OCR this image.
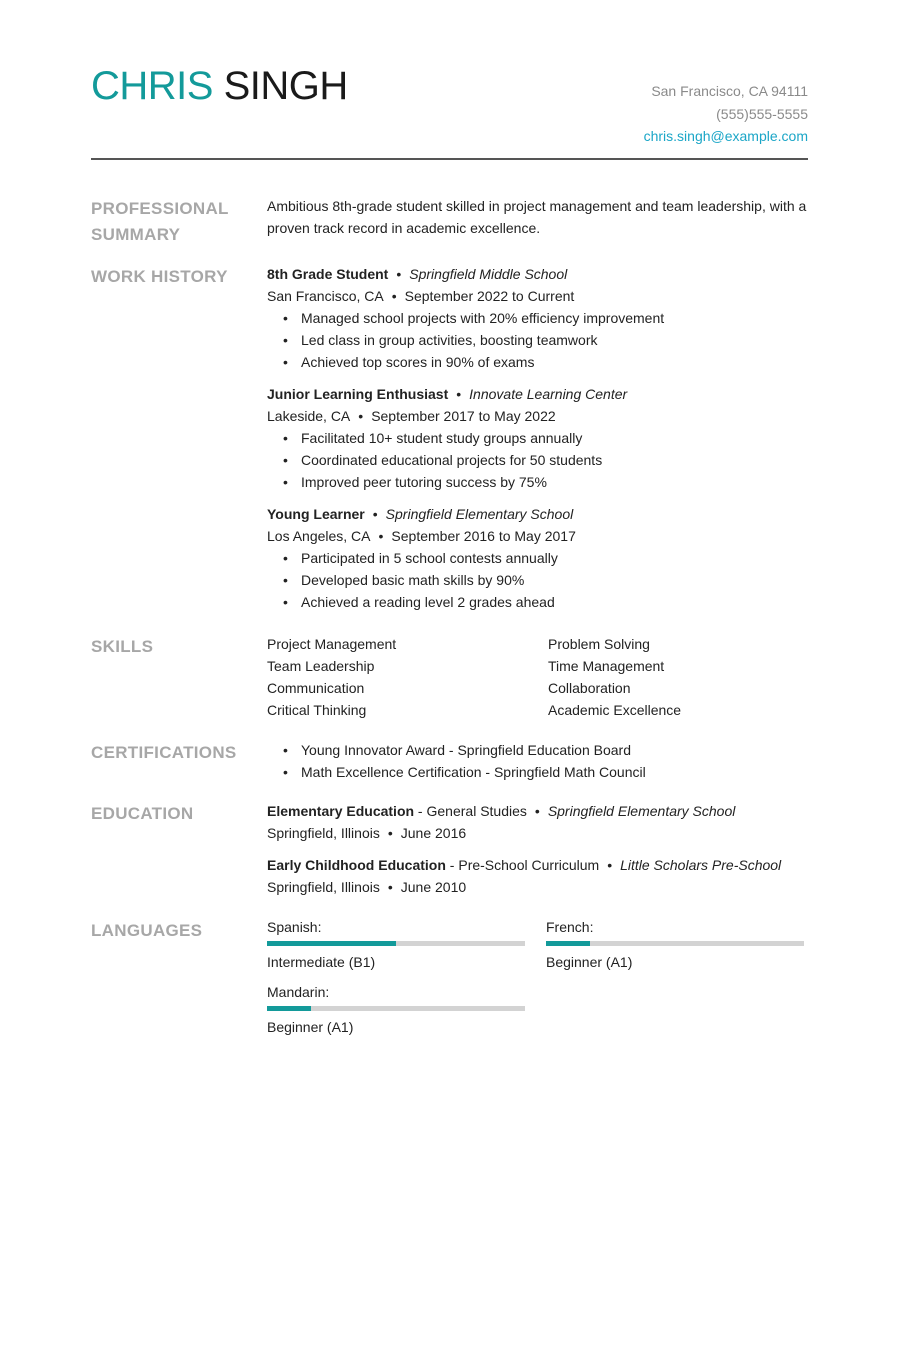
CHRIS SINGH	San Francisco, CA 94111
(555)555-5555
chris.singh@example.com
PROFESSIONAL SUMMARY

Ambitious 8th-grade student skilled in project management and team leadership, with a proven track record in academic excellence.

WORK HISTORY	8th Grade Student • Springfield Middle School
San Francisco, CA • September 2022 to Current
• Managed school projects with 20% efficiency improvement
• Led class in group activities, boosting teamwork
• Achieved top scores in 90% of exams
Junior Learning Enthusiast • Innovate Learning Center
Lakeside, CA • September 2017 to May 2022
• Facilitated 10+ student study groups annually
• Coordinated educational projects for 50 students
• Improved peer tutoring success by 75%
Young Learner • Springfield Elementary School
Los Angeles, CA • September 2016 to May 2017
• Participated in 5 school contests annually
• Developed basic math skills by 90%
• Achieved a reading level 2 grades ahead
SKILLS	Project Management	Problem Solving
Team Leadership	Time Management
Communication	Collaboration
Critical Thinking	Academic Excellence
CERTIFICATIONS
•	Young Innovator Award - Springfield Education Board
• Math Excellence Certification - Springfield Math Council
EDUCATION	Elementary Education - General Studies • Springfield Elementary School
Springfield, Illinois • June 2016
Early Childhood Education - Pre-School Curriculum • Little Scholars Pre-School
Springfield, Illinois • June 2010
LANGUAGES	Spanish:
Intermediate (B1)
French:
Beginner (A1)
Mandarin:
Beginner (A1)
